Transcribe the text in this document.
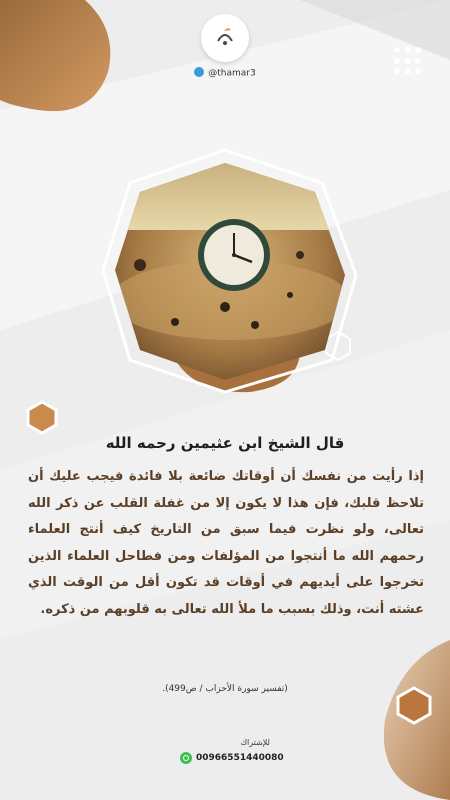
@thamar3
قال الشيخ ابن عثيمين رحمه الله
إذا رأيت من نفسك أن أوقاتك ضائعة بلا فائدة فيجب عليك أن تلاحظ قلبك، فإن هذا لا يكون إلا من غفلة القلب عن ذكر الله تعالى، ولو نظرت فيما سبق من التاريخ كيف أنتج العلماء رحمهم الله ما أنتجوا من المؤلفات ومن فطاحل العلماء الذين تخرجوا على أيديهم في أوقات قد تكون أقل من الوقت الذي عشته أنت، وذلك بسبب ما ملأ الله تعالى به قلوبهم من ذكره.
(تفسير سورة الأحزاب / ص499).
للإشتراك
00966551440080
